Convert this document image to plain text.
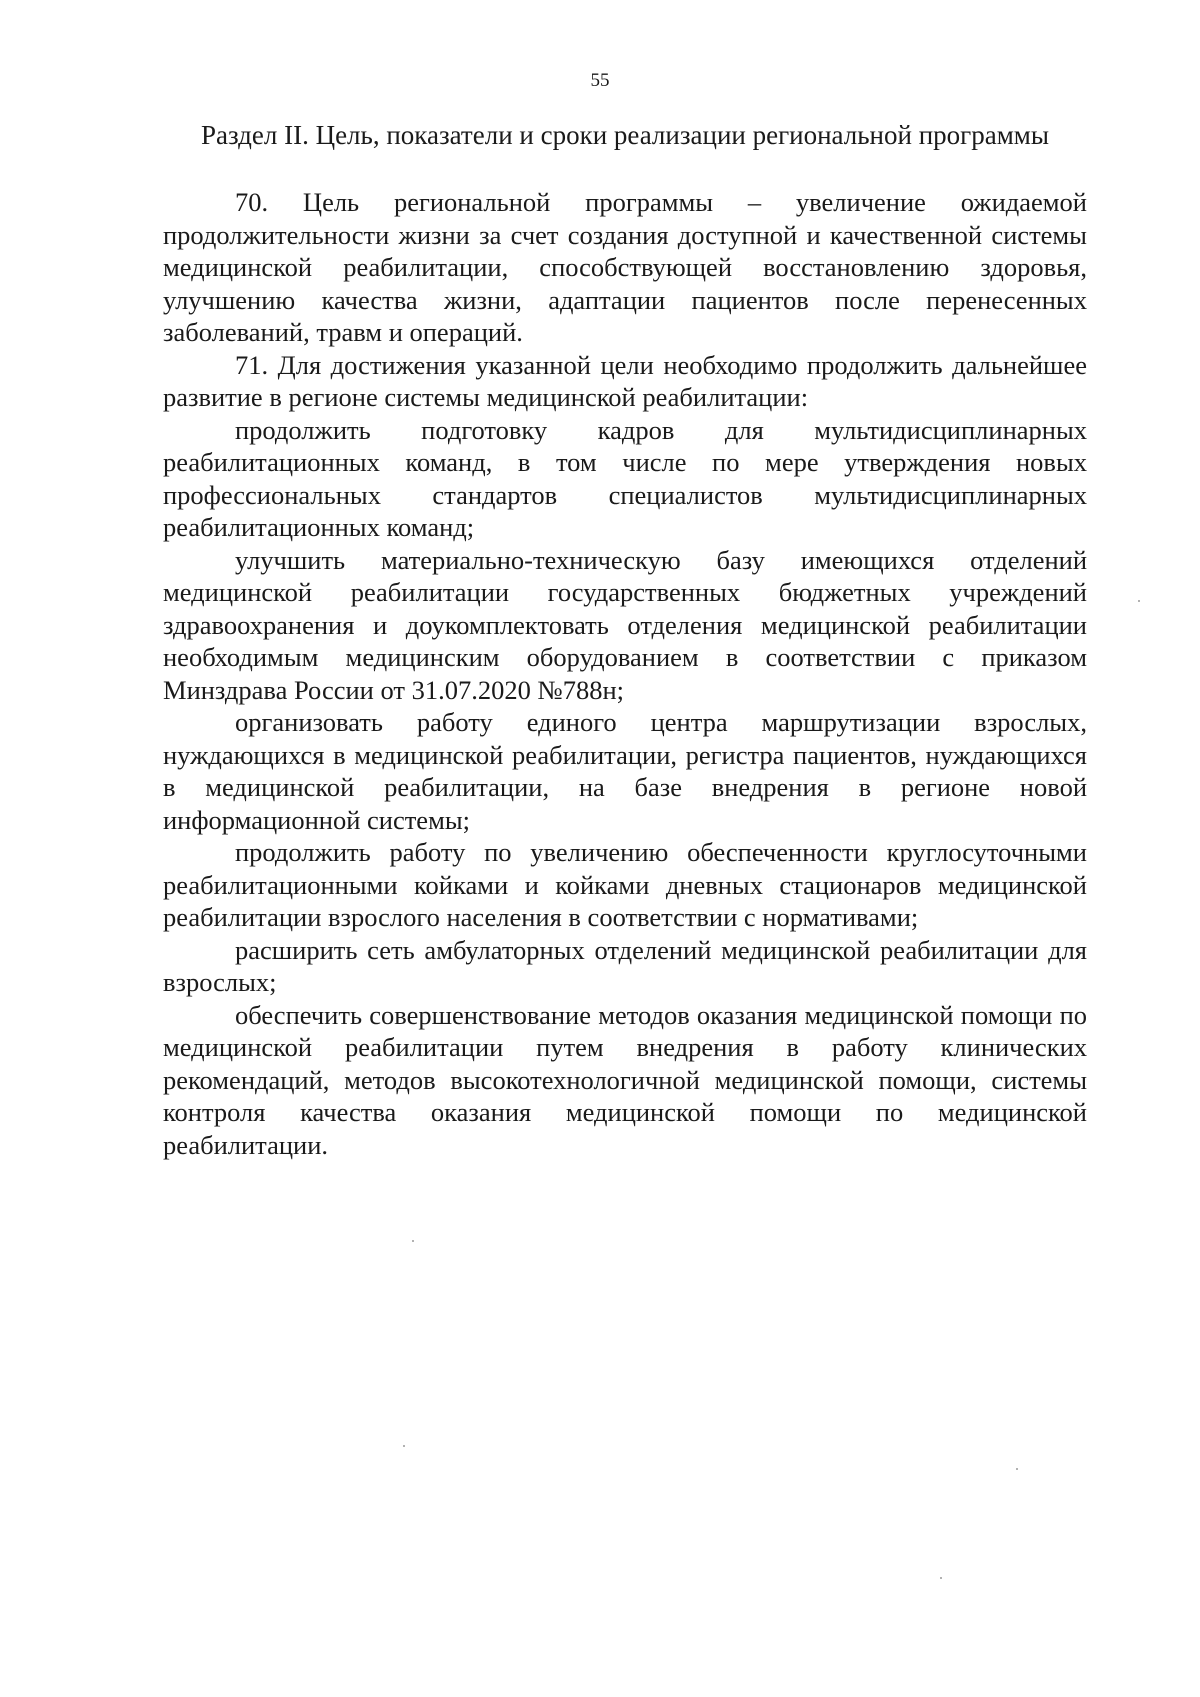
55
Раздел II. Цель, показатели и сроки реализации региональной программы

70. Цель региональной программы – увеличение ожидаемой продолжительности жизни за счет создания доступной и качественной системы медицинской реабилитации, способствующей восстановлению здоровья, улучшению качества жизни, адаптации пациентов после перенесенных заболеваний, травм и операций.

71. Для достижения указанной цели необходимо продолжить дальнейшее развитие в регионе системы медицинской реабилитации:

продолжить подготовку кадров для мультидисциплинарных реабилитационных команд, в том числе по мере утверждения новых профессиональных стандартов специалистов мультидисциплинарных реабилитационных команд;

улучшить материально-техническую базу имеющихся отделений медицинской реабилитации государственных бюджетных учреждений здравоохранения и доукомплектовать отделения медицинской реабилитации необходимым медицинским оборудованием в соответствии с приказом Минздрава России от 31.07.2020 №788н;

организовать работу единого центра маршрутизации взрослых, нуждающихся в медицинской реабилитации, регистра пациентов, нуждающихся в медицинской реабилитации, на базе внедрения в регионе новой информационной системы;

продолжить работу по увеличению обеспеченности круглосуточными реабилитационными койками и койками дневных стационаров медицинской реабилитации взрослого населения в соответствии с нормативами;

расширить сеть амбулаторных отделений медицинской реабилитации для взрослых;

обеспечить совершенствование методов оказания медицинской помощи по медицинской реабилитации путем внедрения в работу клинических рекомендаций, методов высокотехнологичной медицинской помощи, системы контроля качества оказания медицинской помощи по медицинской реабилитации.
